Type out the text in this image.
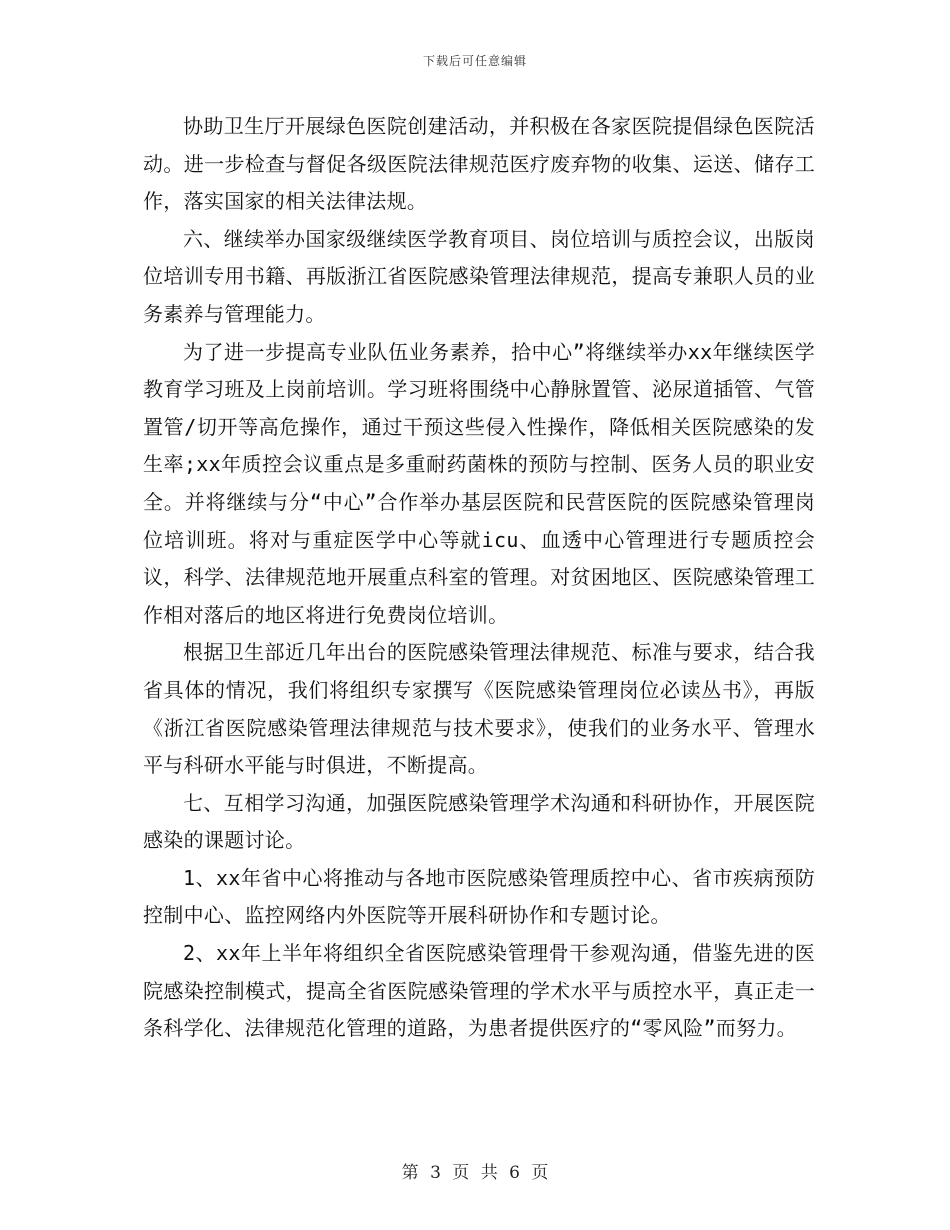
下载后可任意编辑

协助卫生厅开展绿色医院创建活动，并积极在各家医院提倡绿色医院活动。进一步检查与督促各级医院法律规范医疗废弃物的收集、运送、储存工作，落实国家的相关法律法规。

六、继续举办国家级继续医学教育项目、岗位培训与质控会议，出版岗位培训专用书籍、再版浙江省医院感染管理法律规范，提高专兼职人员的业务素养与管理能力。

为了进一步提高专业队伍业务素养，拾中心”将继续举办xx年继续医学教育学习班及上岗前培训。学习班将围绕中心静脉置管、泌尿道插管、气管置管/切开等高危操作，通过干预这些侵入性操作，降低相关医院感染的发生率;xx年质控会议重点是多重耐药菌株的预防与控制、医务人员的职业安全。并将继续与分“中心”合作举办基层医院和民营医院的医院感染管理岗位培训班。将对与重症医学中心等就icu、血透中心管理进行专题质控会议，科学、法律规范地开展重点科室的管理。对贫困地区、医院感染管理工作相对落后的地区将进行免费岗位培训。

根据卫生部近几年出台的医院感染管理法律规范、标准与要求，结合我省具体的情况，我们将组织专家撰写《医院感染管理岗位必读丛书》，再版《浙江省医院感染管理法律规范与技术要求》，使我们的业务水平、管理水平与科研水平能与时俱进，不断提高。

七、互相学习沟通，加强医院感染管理学术沟通和科研协作，开展医院感染的课题讨论。

1、xx年省中心将推动与各地市医院感染管理质控中心、省市疾病预防控制中心、监控网络内外医院等开展科研协作和专题讨论。

2、xx年上半年将组织全省医院感染管理骨干参观沟通，借鉴先进的医院感染控制模式，提高全省医院感染管理的学术水平与质控水平，真正走一条科学化、法律规范化管理的道路，为患者提供医疗的“零风险”而努力。

第 3 页 共 6 页
